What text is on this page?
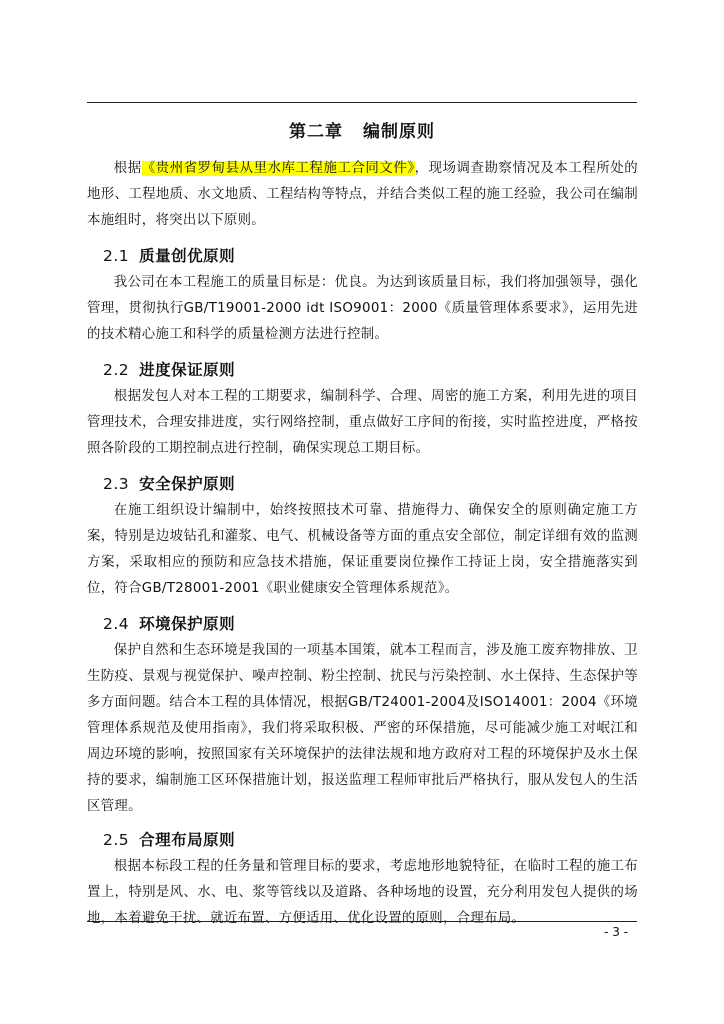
第二章 编制原则

根据《贵州省罗甸县从里水库工程施工合同文件》，现场调查勘察情况及本工程所处的地形、工程地质、水文地质、工程结构等特点，并结合类似工程的施工经验，我公司在编制本施组时，将突出以下原则。

2.1 质量创优原则

我公司在本工程施工的质量目标是：优良。为达到该质量目标，我们将加强领导，强化管理，贯彻执行GB/T19001-2000 idt ISO9001：2000《质量管理体系要求》，运用先进的技术精心施工和科学的质量检测方法进行控制。

2.2 进度保证原则

根据发包人对本工程的工期要求，编制科学、合理、周密的施工方案，利用先进的项目管理技术，合理安排进度，实行网络控制，重点做好工序间的衔接，实时监控进度，严格按照各阶段的工期控制点进行控制，确保实现总工期目标。

2.3 安全保护原则

在施工组织设计编制中，始终按照技术可靠、措施得力、确保安全的原则确定施工方案，特别是边坡钻孔和灌浆、电气、机械设备等方面的重点安全部位，制定详细有效的监测方案，采取相应的预防和应急技术措施，保证重要岗位操作工持证上岗，安全措施落实到位，符合GB/T28001-2001《职业健康安全管理体系规范》。

2.4 环境保护原则

保护自然和生态环境是我国的一项基本国策，就本工程而言，涉及施工废弃物排放、卫生防疫、景观与视觉保护、噪声控制、粉尘控制、扰民与污染控制、水土保持、生态保护等多方面问题。结合本工程的具体情况，根据GB/T24001-2004及ISO14001：2004《环境管理体系规范及使用指南》，我们将采取积极、严密的环保措施，尽可能减少施工对岷江和周边环境的影响，按照国家有关环境保护的法律法规和地方政府对工程的环境保护及水土保持的要求，编制施工区环保措施计划，报送监理工程师审批后严格执行，服从发包人的生活区管理。

2.5 合理布局原则

根据本标段工程的任务量和管理目标的要求，考虑地形地貌特征，在临时工程的施工布置上，特别是风、水、电、浆等管线以及道路、各种场地的设置，充分利用发包人提供的场地，本着避免干扰、就近布置、方便适用、优化设置的原则，合理布局。

- 3 -
